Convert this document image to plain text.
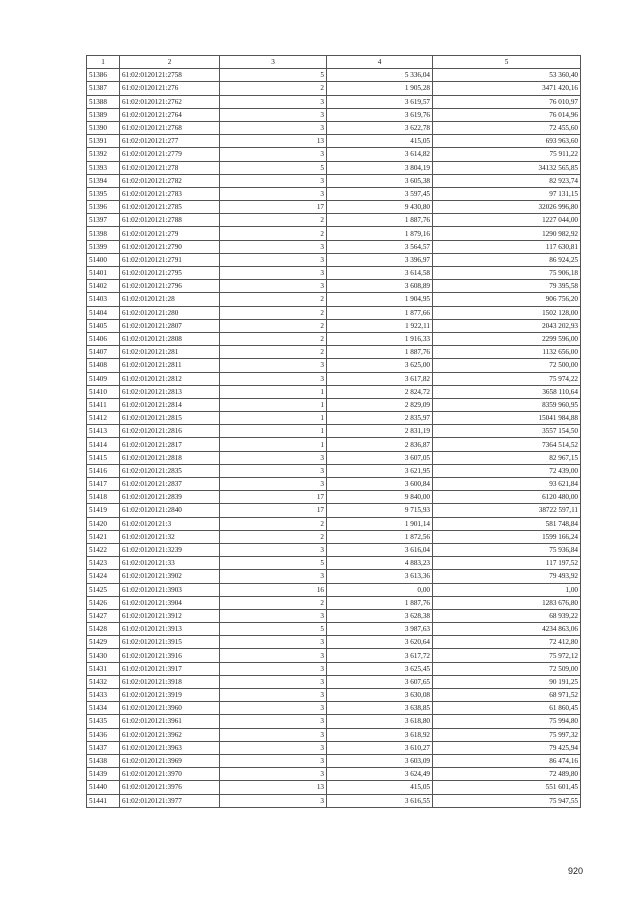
1	2	3	4	5
51386	61:02:0120121:2758	5	5 336,04	53 360,40
51387	61:02:0120121:276	2	1 905,28	3471 420,16
51388	61:02:0120121:2762	3	3 619,57	76 010,97
51389	61:02:0120121:2764	3	3 619,76	76 014,96
51390	61:02:0120121:2768	3	3 622,78	72 455,60
51391	61:02:0120121:277	13	415,05	693 963,60
51392	61:02:0120121:2779	3	3 614,82	75 911,22
51393	61:02:0120121:278	5	3 804,19	34132 565,85
51394	61:02:0120121:2782	3	3 605,38	82 923,74
51395	61:02:0120121:2783	3	3 597,45	97 131,15
51396	61:02:0120121:2785	17	9 430,80	32026 996,80
51397	61:02:0120121:2788	2	1 887,76	1227 044,00
51398	61:02:0120121:279	2	1 879,16	1290 982,92
51399	61:02:0120121:2790	3	3 564,57	117 630,81
51400	61:02:0120121:2791	3	3 396,97	86 924,25
51401	61:02:0120121:2795	3	3 614,58	75 906,18
51402	61:02:0120121:2796	3	3 608,89	79 395,58
51403	61:02:0120121:28	2	1 904,95	906 756,20
51404	61:02:0120121:280	2	1 877,66	1502 128,00
51405	61:02:0120121:2807	2	1 922,11	2043 202,93
51406	61:02:0120121:2808	2	1 916,33	2299 596,00
51407	61:02:0120121:281	2	1 887,76	1132 656,00
51408	61:02:0120121:2811	3	3 625,00	72 500,00
51409	61:02:0120121:2812	3	3 617,82	75 974,22
51410	61:02:0120121:2813	1	2 824,72	3658 110,64
51411	61:02:0120121:2814	1	2 829,09	8359 960,95
51412	61:02:0120121:2815	1	2 835,97	15041 984,88
51413	61:02:0120121:2816	1	2 831,19	3557 154,50
51414	61:02:0120121:2817	1	2 836,87	7364 514,52
51415	61:02:0120121:2818	3	3 607,05	82 967,15
51416	61:02:0120121:2835	3	3 621,95	72 439,00
51417	61:02:0120121:2837	3	3 600,84	93 621,84
51418	61:02:0120121:2839	17	9 840,00	6120 480,00
51419	61:02:0120121:2840	17	9 715,93	38722 597,11
51420	61:02:0120121:3	2	1 901,14	581 748,84
51421	61:02:0120121:32	2	1 872,56	1599 166,24
51422	61:02:0120121:3239	3	3 616,04	75 936,84
51423	61:02:0120121:33	5	4 883,23	117 197,52
51424	61:02:0120121:3902	3	3 613,36	79 493,92
51425	61:02:0120121:3903	16	0,00	1,00
51426	61:02:0120121:3904	2	1 887,76	1283 676,80
51427	61:02:0120121:3912	3	3 628,38	68 939,22
51428	61:02:0120121:3913	5	3 987,63	4234 863,06
51429	61:02:0120121:3915	3	3 620,64	72 412,80
51430	61:02:0120121:3916	3	3 617,72	75 972,12
51431	61:02:0120121:3917	3	3 625,45	72 509,00
51432	61:02:0120121:3918	3	3 607,65	90 191,25
51433	61:02:0120121:3919	3	3 630,08	68 971,52
51434	61:02:0120121:3960	3	3 638,85	61 860,45
51435	61:02:0120121:3961	3	3 618,80	75 994,80
51436	61:02:0120121:3962	3	3 618,92	75 997,32
51437	61:02:0120121:3963	3	3 610,27	79 425,94
51438	61:02:0120121:3969	3	3 603,09	86 474,16
51439	61:02:0120121:3970	3	3 624,49	72 489,80
51440	61:02:0120121:3976	13	415,05	551 601,45
51441	61:02:0120121:3977	3	3 616,55	75 947,55
920
